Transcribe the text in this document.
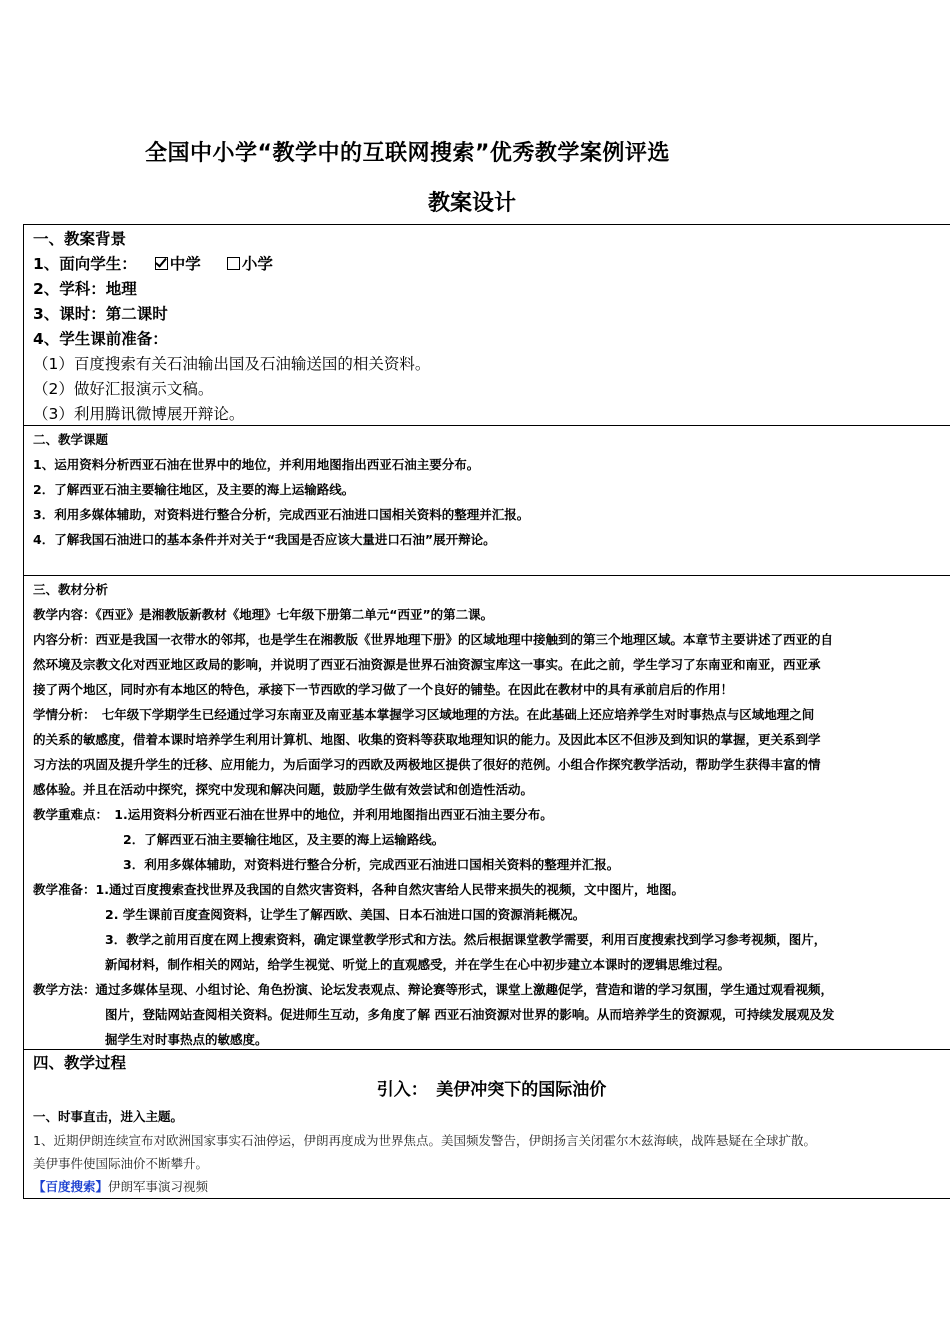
全国中小学“教学中的互联网搜索”优秀教学案例评选
教案设计
一、教案背景
1、面向学生： 中学	小学
2、学科：地理
3、课时：第二课时
4、学生课前准备：
（1）百度搜索有关石油输出国及石油输送国的相关资料。
（2）做好汇报演示文稿。
（3）利用腾讯微博展开辩论。
二、教学课题
1、运用资料分析西亚石油在世界中的地位，并利用地图指出西亚石油主要分布。
2．了解西亚石油主要输往地区，及主要的海上运输路线。
3．利用多媒体辅助，对资料进行整合分析，完成西亚石油进口国相关资料的整理并汇报。
4．了解我国石油进口的基本条件并对关于“我国是否应该大量进口石油”展开辩论。
三、教材分析
教学内容：《西亚》是湘教版新教材《地理》七年级下册第二单元“西亚”的第二课。
内容分析：西亚是我国一衣带水的邻邦，也是学生在湘教版《世界地理下册》的区域地理中接触到的第三个地理区域。本章节主要讲述了西亚的自
然环境及宗教文化对西亚地区政局的影响，并说明了西亚石油资源是世界石油资源宝库这一事实。在此之前，学生学习了东南亚和南亚，西亚承
接了两个地区，同时亦有本地区的特色，承接下一节西欧的学习做了一个良好的铺垫。在因此在教材中的具有承前启后的作用！
学情分析：　七年级下学期学生已经通过学习东南亚及南亚基本掌握学习区域地理的方法。在此基础上还应培养学生对时事热点与区域地理之间
的关系的敏感度，借着本课时培养学生利用计算机、地图、收集的资料等获取地理知识的能力。及因此本区不但涉及到知识的掌握，更关系到学
习方法的巩固及提升学生的迁移、应用能力，为后面学习的西欧及两极地区提供了很好的范例。小组合作探究教学活动，帮助学生获得丰富的情
感体验。并且在活动中探究，探究中发现和解决问题，鼓励学生做有效尝试和创造性活动。
教学重难点：　1.运用资料分析西亚石油在世界中的地位，并利用地图指出西亚石油主要分布。
2．了解西亚石油主要输往地区，及主要的海上运输路线。
3．利用多媒体辅助，对资料进行整合分析，完成西亚石油进口国相关资料的整理并汇报。
教学准备：1.通过百度搜索查找世界及我国的自然灾害资料，各种自然灾害给人民带来损失的视频，文中图片，地图。
2. 学生课前百度查阅资料，让学生了解西欧、美国、日本石油进口国的资源消耗概况。
3．教学之前用百度在网上搜索资料，确定课堂教学形式和方法。然后根据课堂教学需要，利用百度搜索找到学习参考视频，图片，
新闻材料，制作相关的网站，给学生视觉、听觉上的直观感受，并在学生在心中初步建立本课时的逻辑思维过程。
教学方法：通过多媒体呈现、小组讨论、角色扮演、论坛发表观点、辩论赛等形式，课堂上激趣促学，营造和谐的学习氛围，学生通过观看视频，
图片，登陆网站查阅相关资料。促进师生互动，多角度了解 西亚石油资源对世界的影响。从而培养学生的资源观，可持续发展观及发
掘学生对时事热点的敏感度。
四、教学过程
引入：　美伊冲突下的国际油价
一、时事直击，进入主题。
1、近期伊朗连续宣布对欧洲国家事实石油停运，伊朗再度成为世界焦点。美国频发警告，伊朗扬言关闭霍尔木兹海峡，战阵悬疑在全球扩散。
美伊事件使国际油价不断攀升。
【百度搜索】伊朗军事演习视频
